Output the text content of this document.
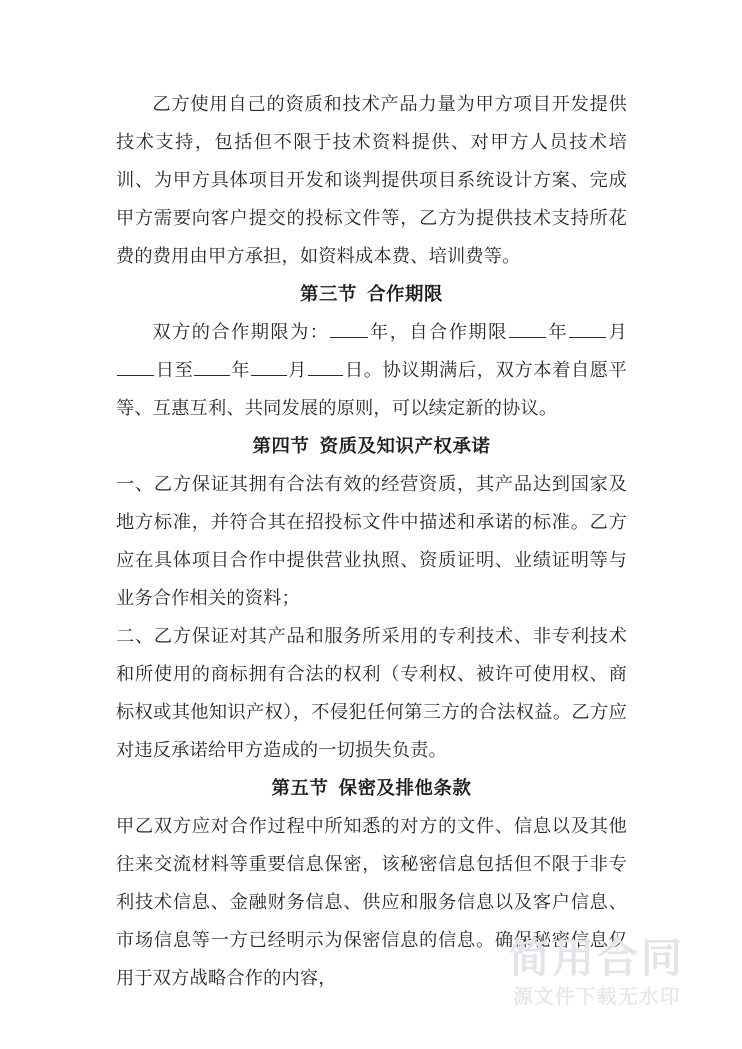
乙方使用自己的资质和技术产品力量为甲方项目开发提供技术支持，包括但不限于技术资料提供、对甲方人员技术培训、为甲方具体项目开发和谈判提供项目系统设计方案、完成甲方需要向客户提交的投标文件等，乙方为提供技术支持所花费的费用由甲方承担，如资料成本费、培训费等。

第三节 合作期限

双方的合作期限为： 年，自合作期限 年 月日至 年 月 日。协议期满后，双方本着自愿平等、互惠互利、共同发展的原则，可以续定新的协议。

第四节 资质及知识产权承诺

一、乙方保证其拥有合法有效的经营资质，其产品达到国家及地方标准，并符合其在招投标文件中描述和承诺的标准。乙方应在具体项目合作中提供营业执照、资质证明、业绩证明等与业务合作相关的资料；

二、乙方保证对其产品和服务所采用的专利技术、非专利技术和所使用的商标拥有合法的权利（专利权、被许可使用权、商标权或其他知识产权），不侵犯任何第三方的合法权益。乙方应对违反承诺给甲方造成的一切损失负责。

第五节 保密及排他条款

甲乙双方应对合作过程中所知悉的对方的文件、信息以及其他往来交流材料等重要信息保密，该秘密信息包括但不限于非专利技术信息、金融财务信息、供应和服务信息以及客户信息、市场信息等一方已经明示为保密信息的信息。确保秘密信息仅用于双方战略合作的内容，	简用合同
源文件下载无水印
